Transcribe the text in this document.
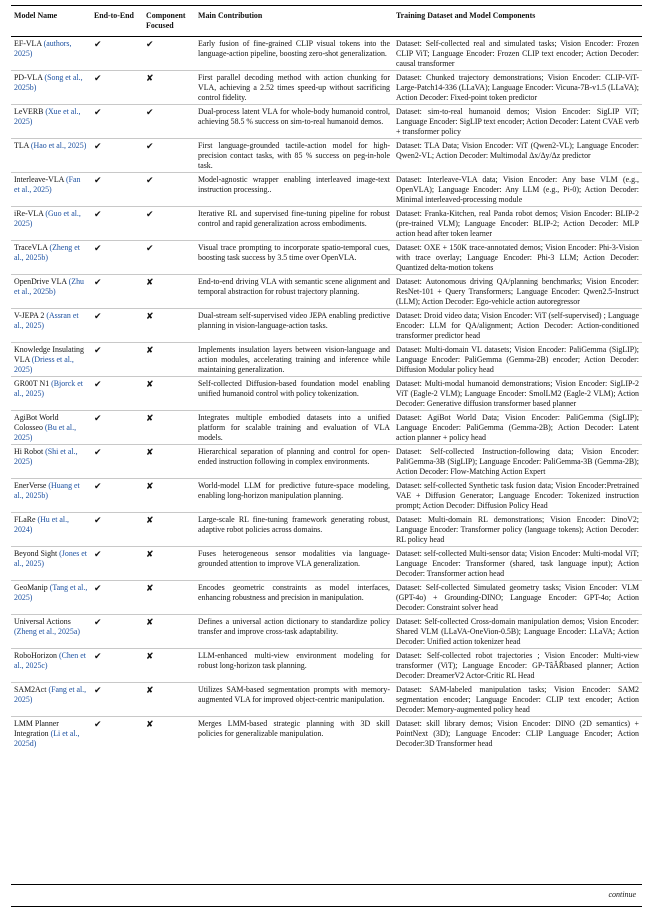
Model Name	End-to-End	Component Focused	Main Contribution	Training Dataset and Model Components
EF-VLA (authors, 2025)	✔	✔	Early fusion of fine-grained CLIP visual tokens into the language-action pipeline, boosting zero-shot generalization.	Dataset: Self-collected real and simulated tasks; Vision Encoder: Frozen CLIP ViT; Language Encoder: Frozen CLIP text encoder; Action Decoder: causal transformer
PD-VLA (Song et al., 2025b)	✔	✘	First parallel decoding method with action chunking for VLA, achieving a 2.52 times speed-up without sacrificing control fidelity.	Dataset: Chunked trajectory demonstrations; Vision Encoder: CLIP-ViT-Large-Patch14-336 (LLaVA); Language Encoder: Vicuna-7B-v1.5 (LLaVA); Action Decoder: Fixed-point token predictor
LeVERB (Xue et al., 2025)	✔	✔	Dual-process latent VLA for whole-body humanoid control, achieving 58.5 % success on sim-to-real humanoid demos.	Dataset: sim-to-real humanoid demos; Vision Encoder: SigLIP ViT; Language Encoder: SigLIP text encoder; Action Decoder: Latent CVAE verb + transformer policy
TLA (Hao et al., 2025)	✔	✔	First language-grounded tactile-action model for high-precision contact tasks, with 85 % success on peg-in-hole task.	Dataset: TLA Data; Vision Encoder: ViT (Qwen2-VL); Language Encoder: Qwen2-VL; Action Decoder: Multimodal Δx/Δy/Δz predictor
Interleave-VLA (Fan et al., 2025)	✔	✔	Model-agnostic wrapper enabling interleaved image-text instruction processing..	Dataset: Interleave-VLA data; Vision Encoder: Any base VLM (e.g., OpenVLA); Language Encoder: Any LLM (e.g., Pi-0); Action Decoder: Minimal interleaved-processing module
iRe-VLA (Guo et al., 2025)	✔	✔	Iterative RL and supervised fine-tuning pipeline for robust control and rapid generalization across embodiments.	Dataset: Franka-Kitchen, real Panda robot demos; Vision Encoder: BLIP-2 (pre-trained VLM); Language Encoder: BLIP-2; Action Decoder: MLP action head after token learner
TraceVLA (Zheng et al., 2025b)	✔	✔	Visual trace prompting to incorporate spatio-temporal cues, boosting task success by 3.5 time over OpenVLA.	Dataset: OXE + 150K trace-annotated demos; Vision Encoder: Phi-3-Vision with trace overlay; Language Encoder: Phi-3 LLM; Action Decoder: Quantized delta-motion tokens
OpenDrive VLA (Zhu et al., 2025b)	✔	✘	End-to-end driving VLA with semantic scene alignment and temporal abstraction for robust trajectory planning.	Dataset: Autonomous driving QA/planning benchmarks; Vision Encoder: ResNet-101 + Query Transformers; Language Encoder: Qwen2.5-Instruct (LLM); Action Decoder: Ego-vehicle action autoregressor
V-JEPA 2 (Assran et al., 2025)	✔	✘	Dual-stream self-supervised video JEPA enabling predictive planning in vision-language-action tasks.	Dataset: Droid video data; Vision Encoder: ViT (self-supervised) ; Language Encoder: LLM for QA/alignment; Action Decoder: Action-conditioned transformer predictor head
Knowledge Insulating VLA (Driess et al., 2025)	✔	✘	Implements insulation layers between vision-language and action modules, accelerating training and inference while maintaining generalization.	Dataset: Multi-domain VL datasets; Vision Encoder: PaliGemma (SigLIP); Language Encoder: PaliGemma (Gemma-2B) encoder; Action Decoder: Diffusion Modular policy head
GR00T N1 (Bjorck et al., 2025)	✔	✘	Self-collected Diffusion-based foundation model enabling unified humanoid control with policy tokenization.	Dataset: Multi-modal humanoid demonstrations; Vision Encoder: SigLIP-2 ViT (Eagle-2 VLM); Language Encoder: SmolLM2 (Eagle-2 VLM); Action Decoder: Generative diffusion transformer based planner
AgiBot World Colosseo (Bu et al., 2025)	✔	✘	Integrates multiple embodied datasets into a unified platform for scalable training and evaluation of VLA models.	Dataset: AgiBot World Data; Vision Encoder: PaliGemma (SigLIP); Language Encoder: PaliGemma (Gemma-2B); Action Decoder: Latent action planner + policy head
Hi Robot (Shi et al., 2025)	✔	✘	Hierarchical separation of planning and control for open-ended instruction following in complex environments.	Dataset: Self-collected Instruction-following data; Vision Encoder: PaliGemma-3B (SigLIP); Language Encoder: PaliGemma-3B (Gemma-2B); Action Decoder: Flow-Matching Action Expert
EnerVerse (Huang et al., 2025b)	✔	✘	World-model LLM for predictive future-space modeling, enabling long-horizon manipulation planning.	Dataset: self-collected Synthetic task fusion data; Vision Encoder:Pretrained VAE + Diffusion Generator; Language Encoder: Tokenized instruction prompt; Action Decoder: Diffusion Policy Head
FLaRe (Hu et al., 2024)	✔	✘	Large-scale RL fine-tuning framework generating robust, adaptive robot policies across domains.	Dataset: Multi-domain RL demonstrations; Vision Encoder: DinoV2; Language Encoder: Transformer policy (language tokens); Action Decoder: RL policy head
Beyond Sight (Jones et al., 2025)	✔	✘	Fuses heterogeneous sensor modalities via language-grounded attention to improve VLA generalization.	Dataset: self-collected Multi-sensor data; Vision Encoder: Multi-modal ViT; Language Encoder: Transformer (shared, task language input); Action Decoder: Transformer action head
GeoManip (Tang et al., 2025)	✔	✘	Encodes geometric constraints as model interfaces, enhancing robustness and precision in manipulation.	Dataset: Self-collected Simulated geometry tasks; Vision Encoder: VLM (GPT-4o) + Grounding-DINO; Language Encoder: GPT-4o; Action Decoder: Constraint solver head
Universal Actions (Zheng et al., 2025a)	✔	✘	Defines a universal action dictionary to standardize policy transfer and improve cross-task adaptability.	Dataset: Self-collected Cross-domain manipulation demos; Vision Encoder: Shared VLM (LLaVA-OneVion-0.5B); Language Encoder: LLaVA; Action Decoder: Unified action tokenizer head
RoboHorizon (Chen et al., 2025c)	✔	✘	LLM-enhanced multi-view environment modeling for robust long-horizon task planning.	Dataset: Self-collected robot trajectories ; Vision Encoder: Multi-view transformer (ViT); Language Encoder: GP-TâĂŘbased planner; Action Decoder: DreamerV2 Actor-Critic RL Head
SAM2Act (Fang et al., 2025)	✔	✘	Utilizes SAM-based segmentation prompts with memory-augmented VLA for improved object-centric manipulation.	Dataset: SAM-labeled manipulation tasks; Vision Encoder: SAM2 segmentation encoder; Language Encoder: CLIP text encoder; Action Decoder: Memory-augmented policy head
LMM Planner Integration (Li et al., 2025d)	✔	✘	Merges LMM-based strategic planning with 3D skill policies for generalizable manipulation.	Dataset: skill library demos; Vision Encoder: DINO (2D semantics) + PointNext (3D); Language Encoder: CLIP Language Encoder; Action Decoder:3D Transformer head
continue
